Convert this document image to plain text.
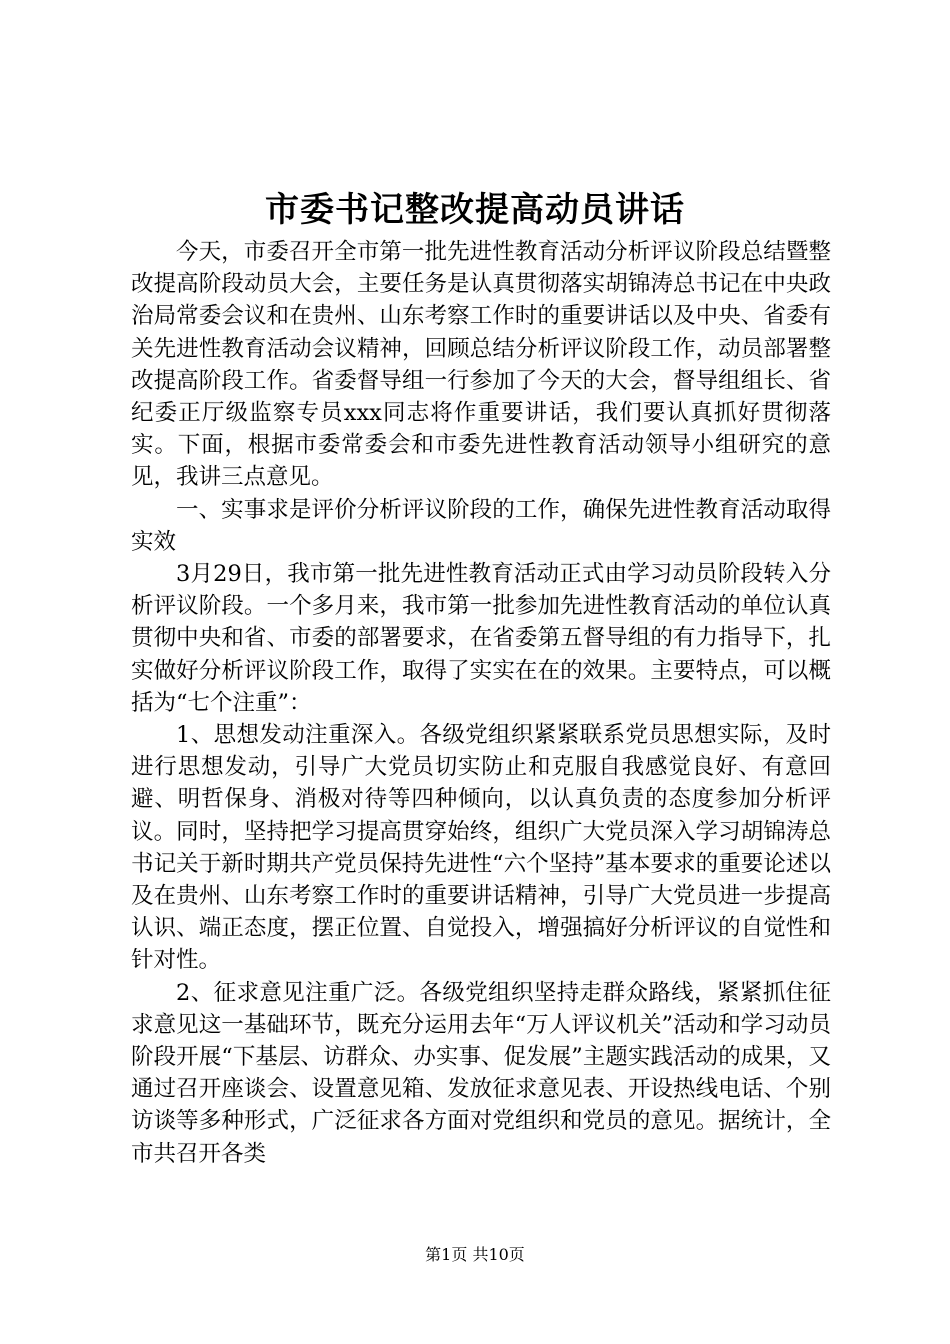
市委书记整改提高动员讲话

今天，市委召开全市第一批先进性教育活动分析评议阶段总结暨整改提高阶段动员大会，主要任务是认真贯彻落实胡锦涛总书记在中央政治局常委会议和在贵州、山东考察工作时的重要讲话以及中央、省委有关先进性教育活动会议精神，回顾总结分析评议阶段工作，动员部署整改提高阶段工作。省委督导组一行参加了今天的大会，督导组组长、省纪委正厅级监察专员xxx同志将作重要讲话，我们要认真抓好贯彻落实。下面，根据市委常委会和市委先进性教育活动领导小组研究的意见，我讲三点意见。

一、实事求是评价分析评议阶段的工作，确保先进性教育活动取得实效

3月29日，我市第一批先进性教育活动正式由学习动员阶段转入分析评议阶段。一个多月来，我市第一批参加先进性教育活动的单位认真贯彻中央和省、市委的部署要求，在省委第五督导组的有力指导下，扎实做好分析评议阶段工作，取得了实实在在的效果。主要特点，可以概括为“七个注重”：

1、思想发动注重深入。各级党组织紧紧联系党员思想实际，及时进行思想发动，引导广大党员切实防止和克服自我感觉良好、有意回避、明哲保身、消极对待等四种倾向，以认真负责的态度参加分析评议。同时，坚持把学习提高贯穿始终，组织广大党员深入学习胡锦涛总书记关于新时期共产党员保持先进性“六个坚持”基本要求的重要论述以及在贵州、山东考察工作时的重要讲话精神，引导广大党员进一步提高认识、端正态度，摆正位置、自觉投入，增强搞好分析评议的自觉性和针对性。

2、征求意见注重广泛。各级党组织坚持走群众路线，紧紧抓住征求意见这一基础环节，既充分运用去年“万人评议机关”活动和学习动员阶段开展“下基层、访群众、办实事、促发展”主题实践活动的成果，又通过召开座谈会、设置意见箱、发放征求意见表、开设热线电话、个别访谈等多种形式，广泛征求各方面对党组织和党员的意见。据统计，全市共召开各类

第1页 共10页
